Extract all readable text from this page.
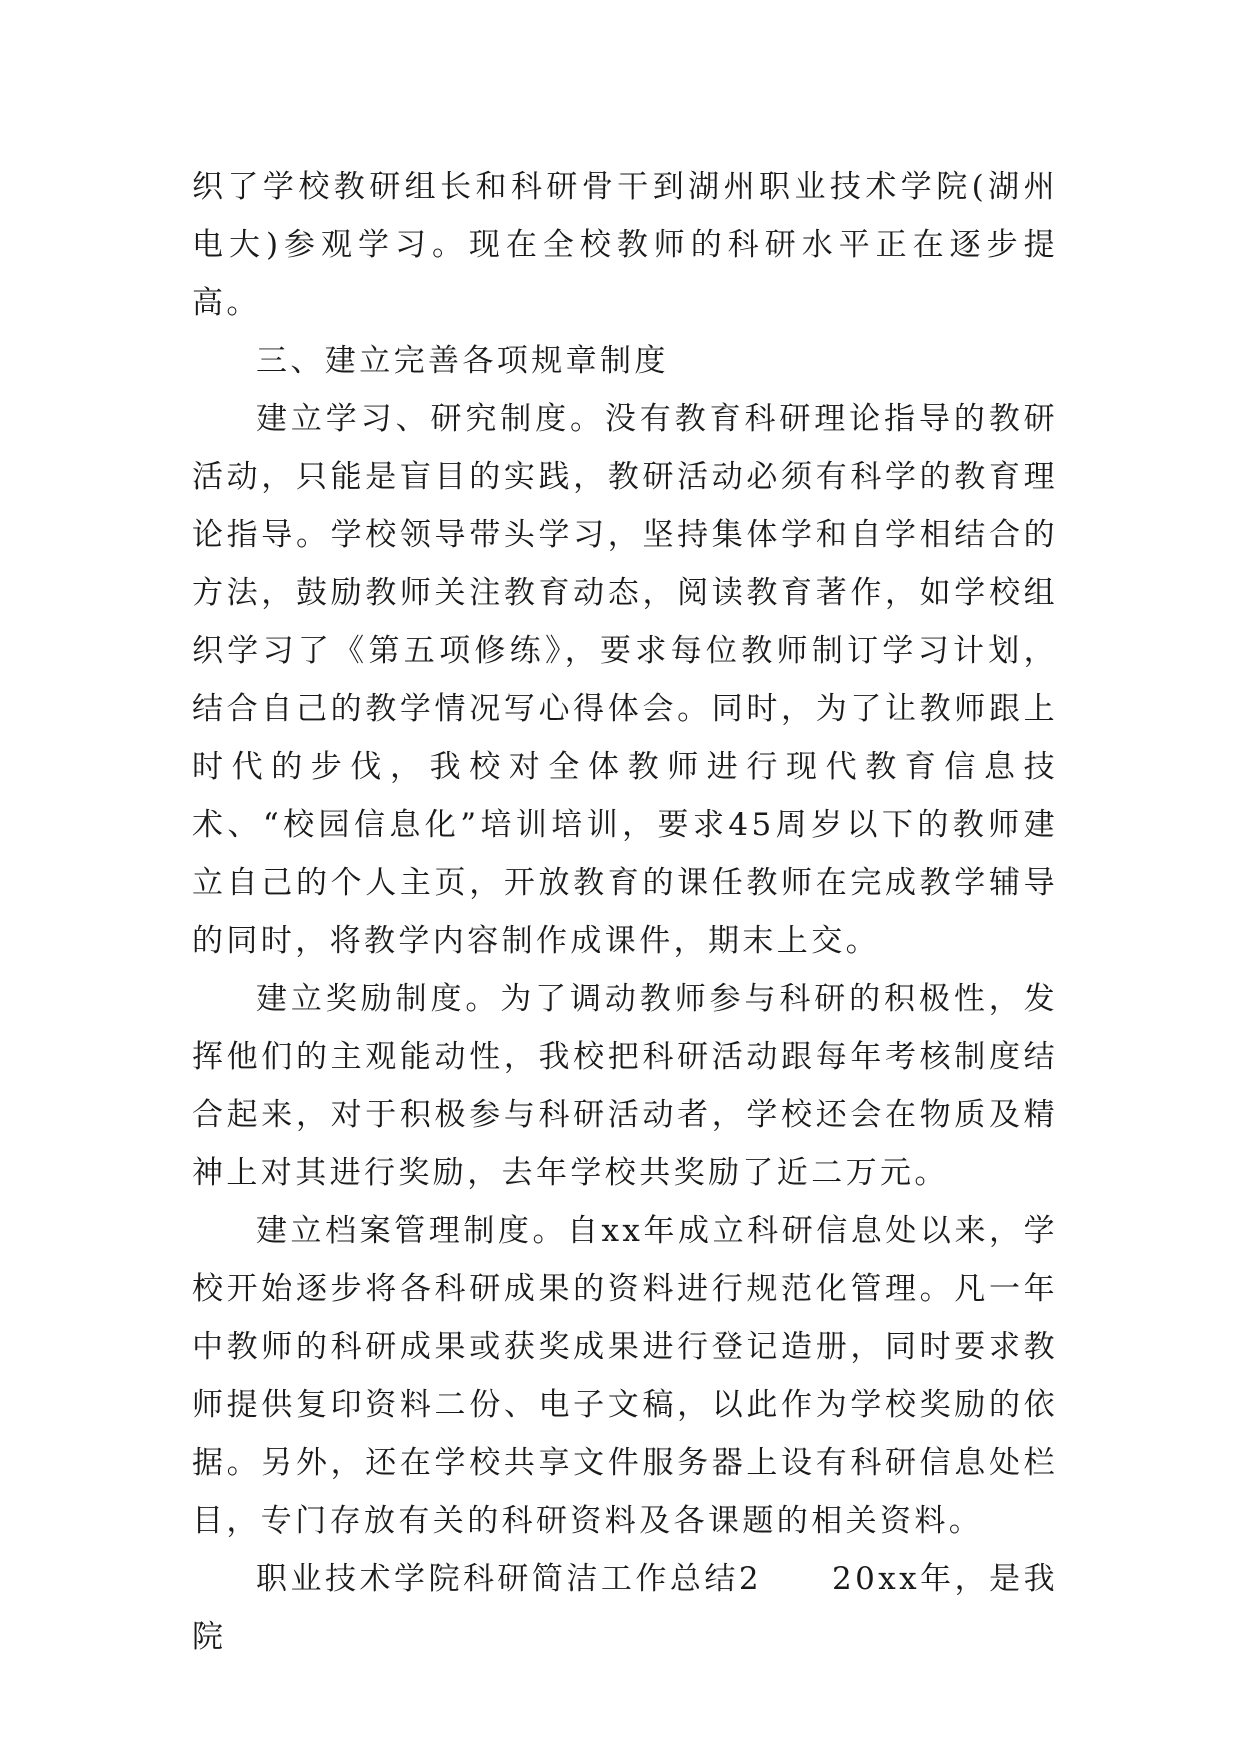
织了学校教研组长和科研骨干到湖州职业技术学院(湖州电大)参观学习。现在全校教师的科研水平正在逐步提高。

三、建立完善各项规章制度

建立学习、研究制度。没有教育科研理论指导的教研活动，只能是盲目的实践，教研活动必须有科学的教育理论指导。学校领导带头学习，坚持集体学和自学相结合的方法，鼓励教师关注教育动态，阅读教育著作，如学校组织学习了《第五项修练》，要求每位教师制订学习计划，结合自己的教学情况写心得体会。同时，为了让教师跟上时代的步伐，我校对全体教师进行现代教育信息技术、“校园信息化”培训培训，要求45周岁以下的教师建立自己的个人主页，开放教育的课任教师在完成教学辅导的同时，将教学内容制作成课件，期末上交。

建立奖励制度。为了调动教师参与科研的积极性，发挥他们的主观能动性，我校把科研活动跟每年考核制度结合起来，对于积极参与科研活动者，学校还会在物质及精神上对其进行奖励，去年学校共奖励了近二万元。

建立档案管理制度。自xx年成立科研信息处以来，学校开始逐步将各科研成果的资料进行规范化管理。凡一年中教师的科研成果或获奖成果进行登记造册，同时要求教师提供复印资料二份、电子文稿，以此作为学校奖励的依据。另外，还在学校共享文件服务器上设有科研信息处栏目，专门存放有关的科研资料及各课题的相关资料。

职业技术学院科研简洁工作总结2 20xx年，是我院
